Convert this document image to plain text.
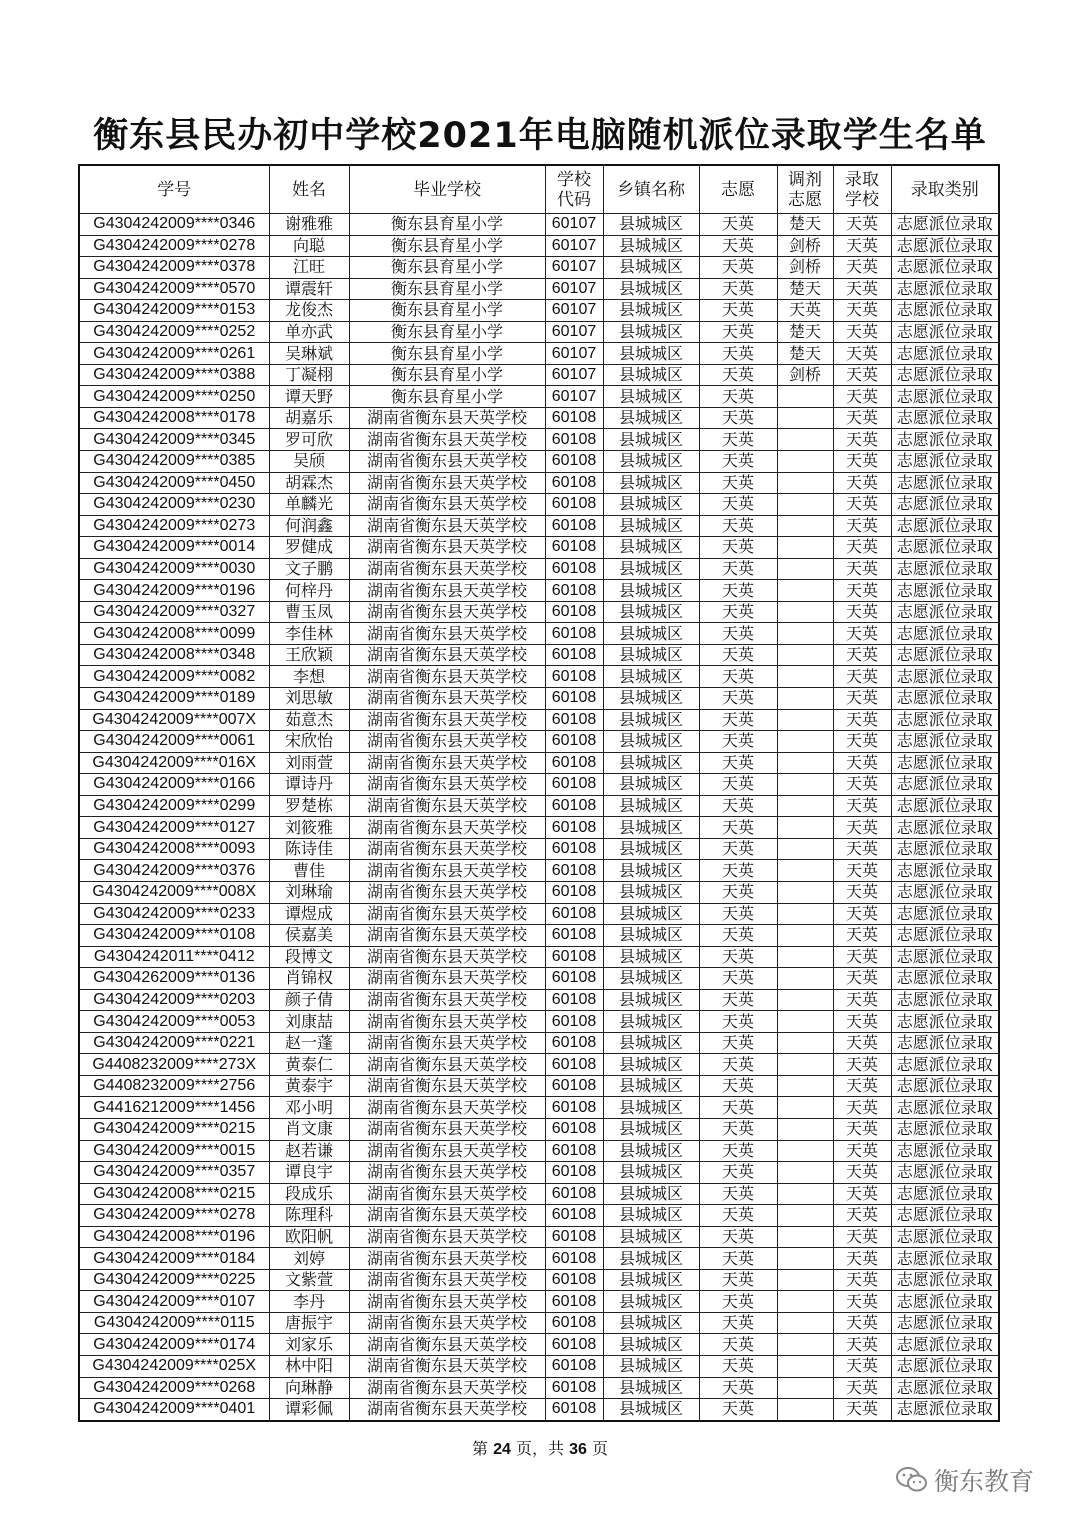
衡东县民办初中学校2021年电脑随机派位录取学生名单
学号	姓名	毕业学校	学校代码	乡镇名称	志愿	调剂志愿	录取学校	录取类别
G4304242009****0346	谢雅雅	衡东县育星小学	60107	县城城区	天英	楚天	天英	志愿派位录取
G4304242009****0278	向聪	衡东县育星小学	60107	县城城区	天英	剑桥	天英	志愿派位录取
G4304242009****0378	江旺	衡东县育星小学	60107	县城城区	天英	剑桥	天英	志愿派位录取
G4304242009****0570	谭震轩	衡东县育星小学	60107	县城城区	天英	楚天	天英	志愿派位录取
G4304242009****0153	龙俊杰	衡东县育星小学	60107	县城城区	天英	天英	天英	志愿派位录取
G4304242009****0252	单亦武	衡东县育星小学	60107	县城城区	天英	楚天	天英	志愿派位录取
G4304242009****0261	吴琳斌	衡东县育星小学	60107	县城城区	天英	楚天	天英	志愿派位录取
G4304242009****0388	丁凝栩	衡东县育星小学	60107	县城城区	天英	剑桥	天英	志愿派位录取
G4304242009****0250	谭天野	衡东县育星小学	60107	县城城区	天英		天英	志愿派位录取
G4304242008****0178	胡嘉乐	湖南省衡东县天英学校	60108	县城城区	天英		天英	志愿派位录取
G4304242009****0345	罗可欣	湖南省衡东县天英学校	60108	县城城区	天英		天英	志愿派位录取
G4304242009****0385	吴颀	湖南省衡东县天英学校	60108	县城城区	天英		天英	志愿派位录取
G4304242009****0450	胡霖杰	湖南省衡东县天英学校	60108	县城城区	天英		天英	志愿派位录取
G4304242009****0230	单麟光	湖南省衡东县天英学校	60108	县城城区	天英		天英	志愿派位录取
G4304242009****0273	何润鑫	湖南省衡东县天英学校	60108	县城城区	天英		天英	志愿派位录取
G4304242009****0014	罗健成	湖南省衡东县天英学校	60108	县城城区	天英		天英	志愿派位录取
G4304242009****0030	文子鹏	湖南省衡东县天英学校	60108	县城城区	天英		天英	志愿派位录取
G4304242009****0196	何梓丹	湖南省衡东县天英学校	60108	县城城区	天英		天英	志愿派位录取
G4304242009****0327	曹玉凤	湖南省衡东县天英学校	60108	县城城区	天英		天英	志愿派位录取
G4304242008****0099	李佳林	湖南省衡东县天英学校	60108	县城城区	天英		天英	志愿派位录取
G4304242008****0348	王欣颖	湖南省衡东县天英学校	60108	县城城区	天英		天英	志愿派位录取
G4304242009****0082	李想	湖南省衡东县天英学校	60108	县城城区	天英		天英	志愿派位录取
G4304242009****0189	刘思敏	湖南省衡东县天英学校	60108	县城城区	天英		天英	志愿派位录取
G4304242009****007X	茹意杰	湖南省衡东县天英学校	60108	县城城区	天英		天英	志愿派位录取
G4304242009****0061	宋欣怡	湖南省衡东县天英学校	60108	县城城区	天英		天英	志愿派位录取
G4304242009****016X	刘雨萱	湖南省衡东县天英学校	60108	县城城区	天英		天英	志愿派位录取
G4304242009****0166	谭诗丹	湖南省衡东县天英学校	60108	县城城区	天英		天英	志愿派位录取
G4304242009****0299	罗楚栋	湖南省衡东县天英学校	60108	县城城区	天英		天英	志愿派位录取
G4304242009****0127	刘筱雅	湖南省衡东县天英学校	60108	县城城区	天英		天英	志愿派位录取
G4304242008****0093	陈诗佳	湖南省衡东县天英学校	60108	县城城区	天英		天英	志愿派位录取
G4304242009****0376	曹佳	湖南省衡东县天英学校	60108	县城城区	天英		天英	志愿派位录取
G4304242009****008X	刘琳瑜	湖南省衡东县天英学校	60108	县城城区	天英		天英	志愿派位录取
G4304242009****0233	谭煜成	湖南省衡东县天英学校	60108	县城城区	天英		天英	志愿派位录取
G4304242009****0108	侯嘉美	湖南省衡东县天英学校	60108	县城城区	天英		天英	志愿派位录取
G4304242011****0412	段博文	湖南省衡东县天英学校	60108	县城城区	天英		天英	志愿派位录取
G4304262009****0136	肖锦权	湖南省衡东县天英学校	60108	县城城区	天英		天英	志愿派位录取
G4304242009****0203	颜子倩	湖南省衡东县天英学校	60108	县城城区	天英		天英	志愿派位录取
G4304242009****0053	刘康喆	湖南省衡东县天英学校	60108	县城城区	天英		天英	志愿派位录取
G4304242009****0221	赵一蓬	湖南省衡东县天英学校	60108	县城城区	天英		天英	志愿派位录取
G4408232009****273X	黄泰仁	湖南省衡东县天英学校	60108	县城城区	天英		天英	志愿派位录取
G4408232009****2756	黄泰宇	湖南省衡东县天英学校	60108	县城城区	天英		天英	志愿派位录取
G4416212009****1456	邓小明	湖南省衡东县天英学校	60108	县城城区	天英		天英	志愿派位录取
G4304242009****0215	肖文康	湖南省衡东县天英学校	60108	县城城区	天英		天英	志愿派位录取
G4304242009****0015	赵若谦	湖南省衡东县天英学校	60108	县城城区	天英		天英	志愿派位录取
G4304242009****0357	谭良宇	湖南省衡东县天英学校	60108	县城城区	天英		天英	志愿派位录取
G4304242008****0215	段成乐	湖南省衡东县天英学校	60108	县城城区	天英		天英	志愿派位录取
G4304242009****0278	陈理科	湖南省衡东县天英学校	60108	县城城区	天英		天英	志愿派位录取
G4304242008****0196	欧阳帆	湖南省衡东县天英学校	60108	县城城区	天英		天英	志愿派位录取
G4304242009****0184	刘婷	湖南省衡东县天英学校	60108	县城城区	天英		天英	志愿派位录取
G4304242009****0225	文紫萱	湖南省衡东县天英学校	60108	县城城区	天英		天英	志愿派位录取
G4304242009****0107	李丹	湖南省衡东县天英学校	60108	县城城区	天英		天英	志愿派位录取
G4304242009****0115	唐振宇	湖南省衡东县天英学校	60108	县城城区	天英		天英	志愿派位录取
G4304242009****0174	刘家乐	湖南省衡东县天英学校	60108	县城城区	天英		天英	志愿派位录取
G4304242009****025X	林中阳	湖南省衡东县天英学校	60108	县城城区	天英		天英	志愿派位录取
G4304242009****0268	向琳静	湖南省衡东县天英学校	60108	县城城区	天英		天英	志愿派位录取
G4304242009****0401	谭彩佩	湖南省衡东县天英学校	60108	县城城区	天英		天英	志愿派位录取
第 24 页，共 36 页
衡东教育
